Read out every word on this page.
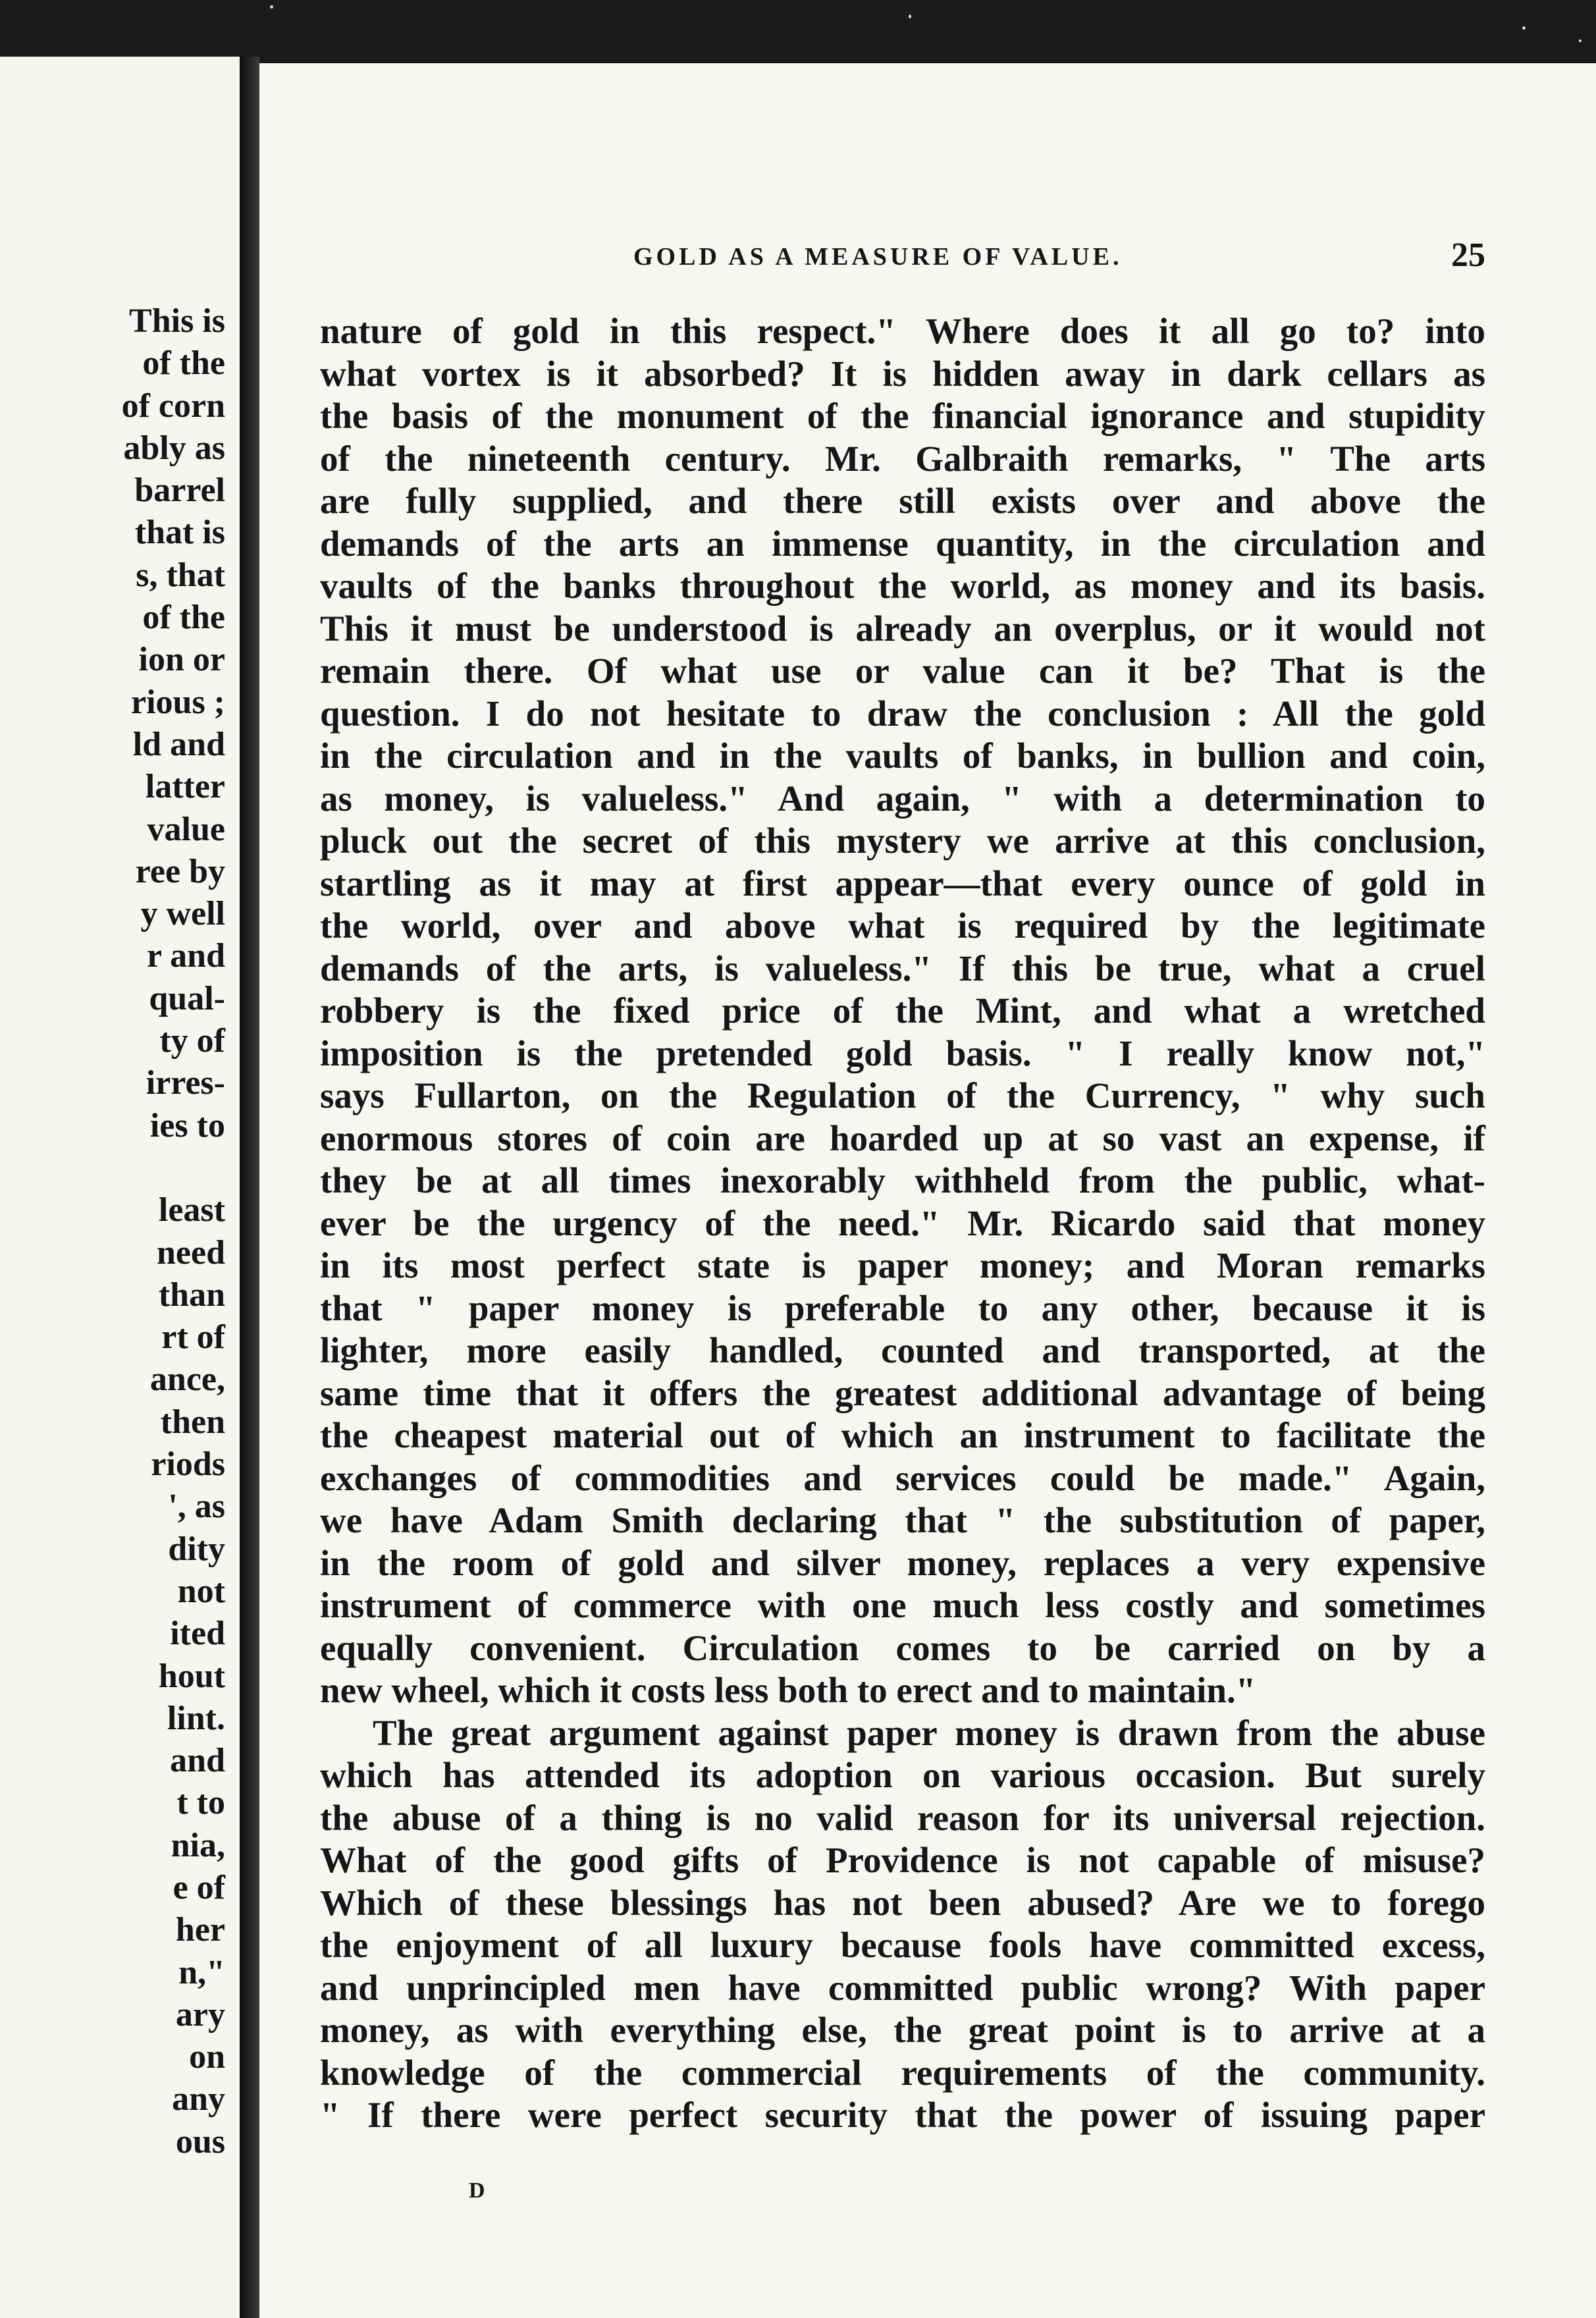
This is
of the
of corn
ably as
barrel
that is
s, that
of the
ion or
rious ;
ld and
latter
value
ree by
y well
r and
qual-
ty of
irres-
ies to
least
need
than
rt of
ance,
then
riods
', as
dity
not
ited
hout
lint.
and
t to
nia,
e of
her
n,"
ary
on
any
ous
GOLD AS A MEASURE OF VALUE.	25
nature of gold in this respect." Where does it all go to? into
what vortex is it absorbed? It is hidden away in dark cellars as
the basis of the monument of the financial ignorance and stupidity
of the nineteenth century. Mr. Galbraith remarks, " The arts
are fully supplied, and there still exists over and above the
demands of the arts an immense quantity, in the circulation and
vaults of the banks throughout the world, as money and its basis.
This it must be understood is already an overplus, or it would not
remain there. Of what use or value can it be? That is the
question. I do not hesitate to draw the conclusion : All the gold
in the circulation and in the vaults of banks, in bullion and coin,
as money, is valueless." And again, " with a determination to
pluck out the secret of this mystery we arrive at this conclusion,
startling as it may at first appear—that every ounce of gold in
the world, over and above what is required by the legitimate
demands of the arts, is valueless." If this be true, what a cruel
robbery is the fixed price of the Mint, and what a wretched
imposition is the pretended gold basis. " I really know not,"
says Fullarton, on the Regulation of the Currency, " why such
enormous stores of coin are hoarded up at so vast an expense, if
they be at all times inexorably withheld from the public, what-
ever be the urgency of the need." Mr. Ricardo said that money
in its most perfect state is paper money; and Moran remarks
that " paper money is preferable to any other, because it is
lighter, more easily handled, counted and transported, at the
same time that it offers the greatest additional advantage of being
the cheapest material out of which an instrument to facilitate the
exchanges of commodities and services could be made." Again,
we have Adam Smith declaring that " the substitution of paper,
in the room of gold and silver money, replaces a very expensive
instrument of commerce with one much less costly and sometimes
equally convenient. Circulation comes to be carried on by a
new wheel, which it costs less both to erect and to maintain."
The great argument against paper money is drawn from the abuse
which has attended its adoption on various occasion. But surely
the abuse of a thing is no valid reason for its universal rejection.
What of the good gifts of Providence is not capable of misuse?
Which of these blessings has not been abused? Are we to forego
the enjoyment of all luxury because fools have committed excess,
and unprincipled men have committed public wrong? With paper
money, as with everything else, the great point is to arrive at a
knowledge of the commercial requirements of the community.
" If there were perfect security that the power of issuing paper
D
